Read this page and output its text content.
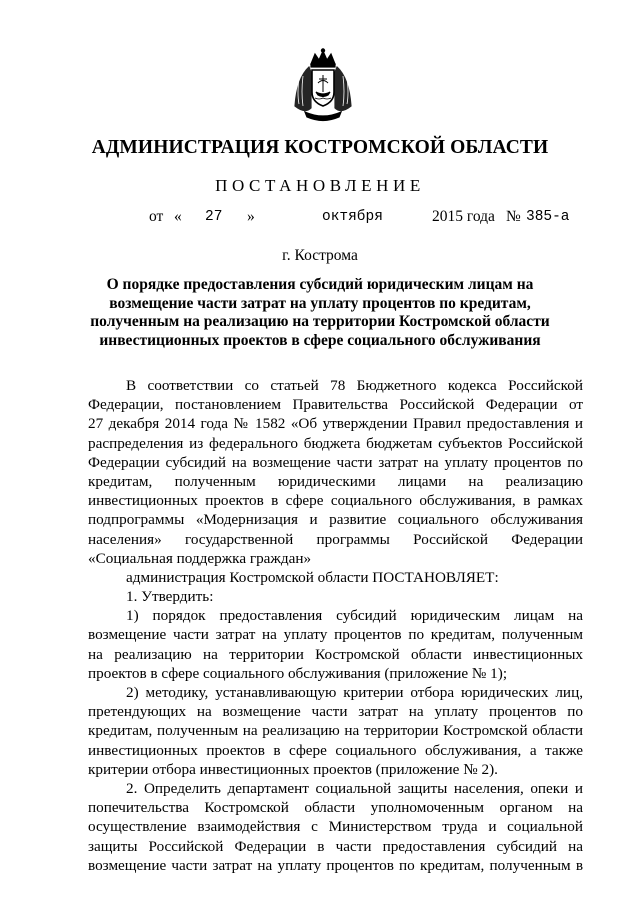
АДМИНИСТРАЦИЯ КОСТРОМСКОЙ ОБЛАСТИ
ПОСТАНОВЛЕНИЕ
от « 27 »	октября	2015 года № 385-а
г. Кострома
О порядке предоставления субсидий юридическим лицам на
возмещение части затрат на уплату процентов по кредитам,
полученным на реализацию на территории Костромской области
инвестиционных проектов в сфере социального обслуживания
В соответствии со статьей 78 Бюджетного кодекса Российской
Федерации, постановлением Правительства Российской Федерации от
27 декабря 2014 года № 1582 «Об утверждении Правил предоставления и
распределения из федерального бюджета бюджетам субъектов Российской
Федерации субсидий на возмещение части затрат на уплату процентов по
кредитам, полученным юридическими лицами на реализацию
инвестиционных проектов в сфере социального обслуживания, в рамках
подпрограммы «Модернизация и развитие социального обслуживания
населения» государственной программы Российской Федерации
«Социальная поддержка граждан»
администрация Костромской области ПОСТАНОВЛЯЕТ:
1. Утвердить:
1) порядок предоставления субсидий юридическим лицам на
возмещение части затрат на уплату процентов по кредитам, полученным
на реализацию на территории Костромской области инвестиционных
проектов в сфере социального обслуживания (приложение № 1);
2) методику, устанавливающую критерии отбора юридических лиц,
претендующих на возмещение части затрат на уплату процентов по
кредитам, полученным на реализацию на территории Костромской области
инвестиционных проектов в сфере социального обслуживания, а также
критерии отбора инвестиционных проектов (приложение № 2).
2. Определить департамент социальной защиты населения, опеки и
попечительства Костромской области уполномоченным органом на
осуществление взаимодействия с Министерством труда и социальной
защиты Российской Федерации в части предоставления субсидий на
возмещение части затрат на уплату процентов по кредитам, полученным в
